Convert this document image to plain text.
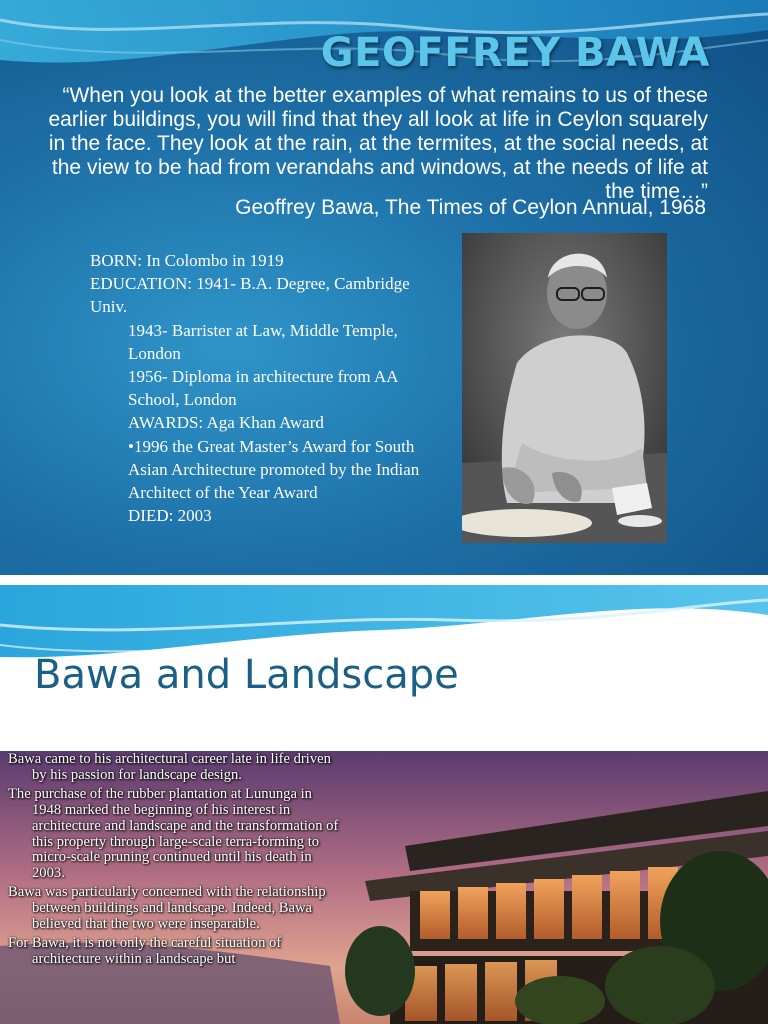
GEOFFREY BAWA

“When you look at the better examples of what remains to us of these earlier buildings, you will find that they all look at life in Ceylon squarely in the face. They look at the rain, at the termites, at the social needs, at the view to be had from verandahs and windows, at the needs of life at the time…”

Geoffrey Bawa, The Times of Ceylon Annual, 1968

BORN: In Colombo in 1919
EDUCATION: 1941- B.A. Degree, Cambridge Univ.
1943- Barrister at Law, Middle Temple, London
1956- Diploma in architecture from AA School, London
AWARDS: Aga Khan Award
•1996 the Great Master’s Award for South Asian Architecture promoted by the Indian Architect of the Year Award
DIED: 2003
Bawa and Landscape
Bawa came to his architectural career late in life driven by his passion for landscape design.
The purchase of the rubber plantation at Lununga in 1948 marked the beginning of his interest in architecture and landscape and the transformation of this property through large-scale terra-forming to micro-scale pruning continued until his death in 2003.
Bawa was particularly concerned with the relationship between buildings and landscape. Indeed, Bawa believed that the two were inseparable.
For Bawa, it is not only the careful situation of architecture within a landscape but
